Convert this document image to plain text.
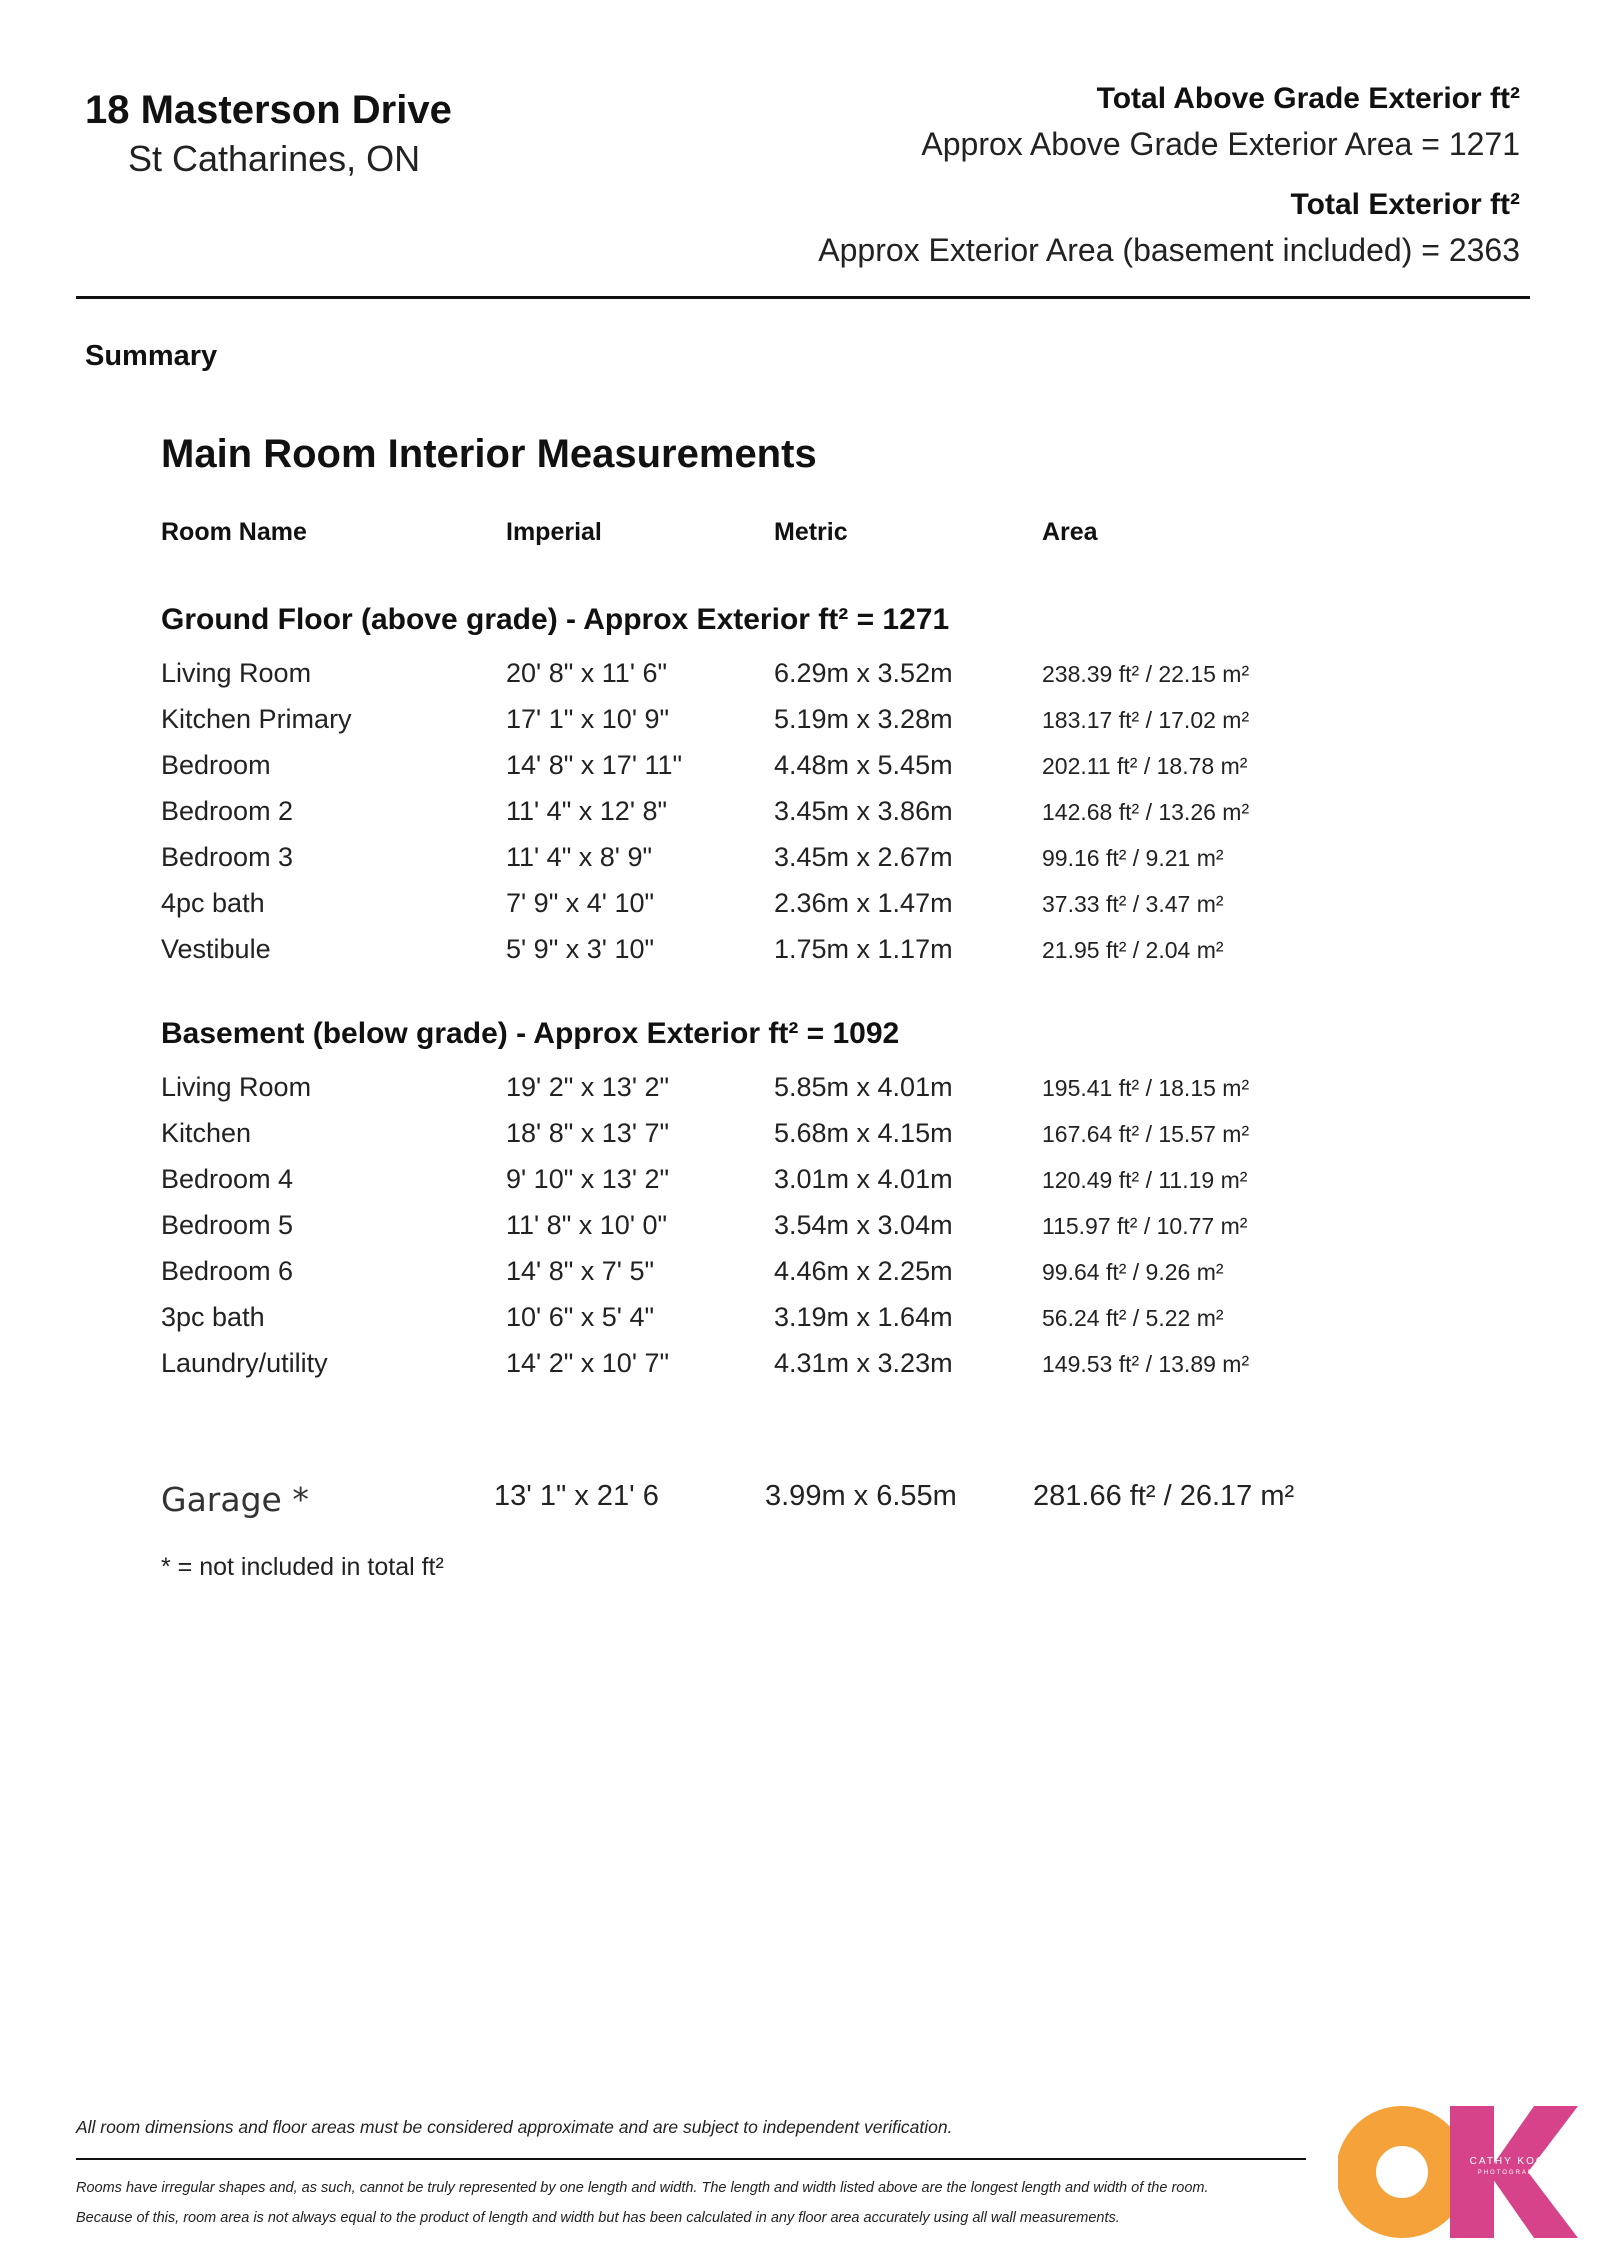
18 Masterson Drive
St Catharines, ON
Total Above Grade Exterior ft²
Approx Above Grade Exterior Area = 1271
Total Exterior ft²
Approx Exterior Area (basement included) = 2363
Summary
Main Room Interior Measurements
Room Name	Imperial	Metric	Area
Ground Floor (above grade) - Approx Exterior ft² = 1271
Living Room	20' 8" x 11' 6"	6.29m x 3.52m	238.39 ft² / 22.15 m²
Kitchen Primary	17' 1" x 10' 9"	5.19m x 3.28m	183.17 ft² / 17.02 m²
Bedroom	14' 8" x 17' 11"	4.48m x 5.45m	202.11 ft² / 18.78 m²
Bedroom 2	11' 4" x 12' 8"	3.45m x 3.86m	142.68 ft² / 13.26 m²
Bedroom 3	11' 4" x 8' 9"	3.45m x 2.67m	99.16 ft² / 9.21 m²
4pc bath	7' 9" x 4' 10"	2.36m x 1.47m	37.33 ft² / 3.47 m²
Vestibule	5' 9" x 3' 10"	1.75m x 1.17m	21.95 ft² / 2.04 m²
Basement (below grade) - Approx Exterior ft² = 1092
Living Room	19' 2" x 13' 2"	5.85m x 4.01m	195.41 ft² / 18.15 m²
Kitchen	18' 8" x 13' 7"	5.68m x 4.15m	167.64 ft² / 15.57 m²
Bedroom 4	9' 10" x 13' 2"	3.01m x 4.01m	120.49 ft² / 11.19 m²
Bedroom 5	11' 8" x 10' 0"	3.54m x 3.04m	115.97 ft² / 10.77 m²
Bedroom 6	14' 8" x 7' 5"	4.46m x 2.25m	99.64 ft² / 9.26 m²
3pc bath	10' 6" x 5' 4"	3.19m x 1.64m	56.24 ft² / 5.22 m²
Laundry/utility	14' 2" x 10' 7"	4.31m x 3.23m	149.53 ft² / 13.89 m²
Garage *	13' 1" x 21' 6	3.99m x 6.55m	281.66 ft² / 26.17 m²
* = not included in total ft²
All room dimensions and floor areas must be considered approximate and are subject to independent verification.
Rooms have irregular shapes and, as such, cannot be truly represented by one length and width. The length and width listed above are the longest length and width of the room.
Because of this, room area is not always equal to the product of length and width but has been calculated in any floor area accurately using all wall measurements.
CATHY KOOP
PHOTOGRAPHY
